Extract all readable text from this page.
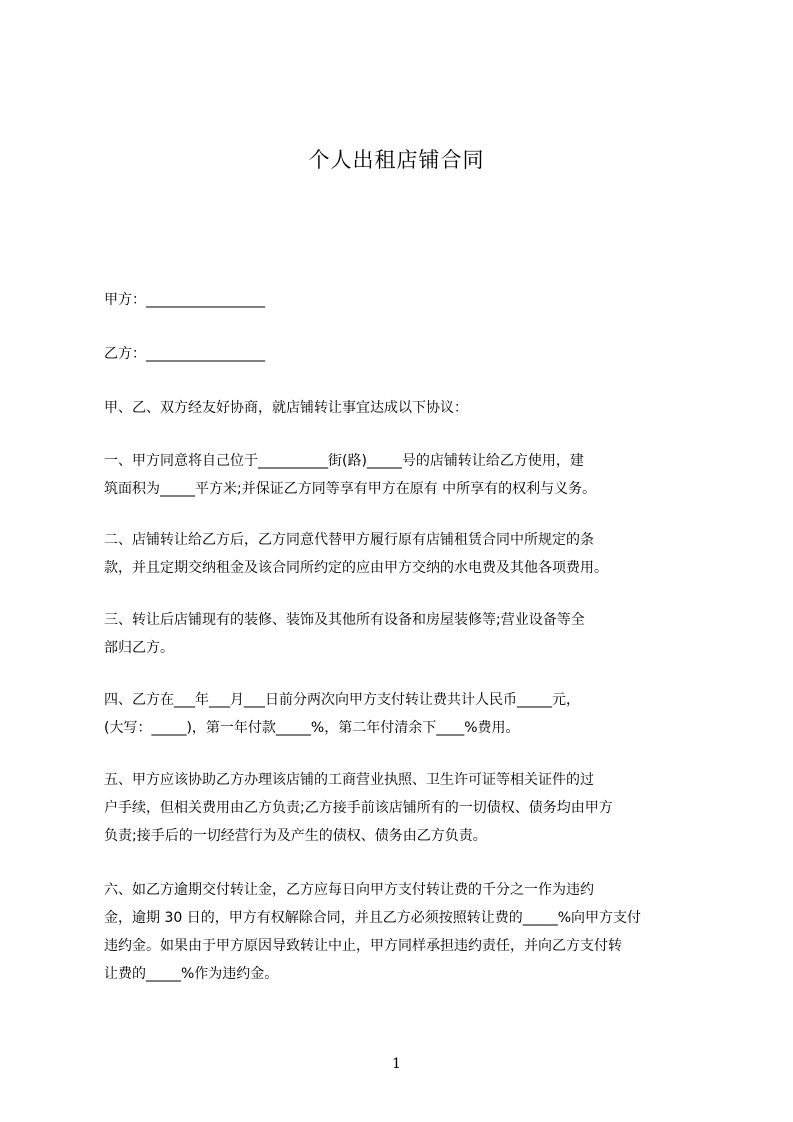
个人出租店铺合同
甲方：_________________
乙方：_________________
甲、乙、双方经友好协商，就店铺转让事宜达成以下协议：
一、甲方同意将自己位于__________街(路)_____号的店铺转让给乙方使用，建
筑面积为_____平方米;并保证乙方同等享有甲方在原有 中所享有的权利与义务。
二、店铺转让给乙方后，乙方同意代替甲方履行原有店铺租赁合同中所规定的条
款，并且定期交纳租金及该合同所约定的应由甲方交纳的水电费及其他各项费用。
三、转让后店铺现有的装修、装饰及其他所有设备和房屋装修等;营业设备等全
部归乙方。
四、乙方在___年___月___日前分两次向甲方支付转让费共计人民币_____元，
(大写：_____)，第一年付款_____%，第二年付清余下____%费用。
五、甲方应该协助乙方办理该店铺的工商营业执照、卫生许可证等相关证件的过
户手续，但相关费用由乙方负责;乙方接手前该店铺所有的一切债权、债务均由甲方
负责;接手后的一切经营行为及产生的债权、债务由乙方负责。
六、如乙方逾期交付转让金，乙方应每日向甲方支付转让费的千分之一作为违约
金，逾期 30 日的，甲方有权解除合同，并且乙方必须按照转让费的_____%向甲方支付
违约金。如果由于甲方原因导致转让中止，甲方同样承担违约责任，并向乙方支付转
让费的_____%作为违约金。
1
